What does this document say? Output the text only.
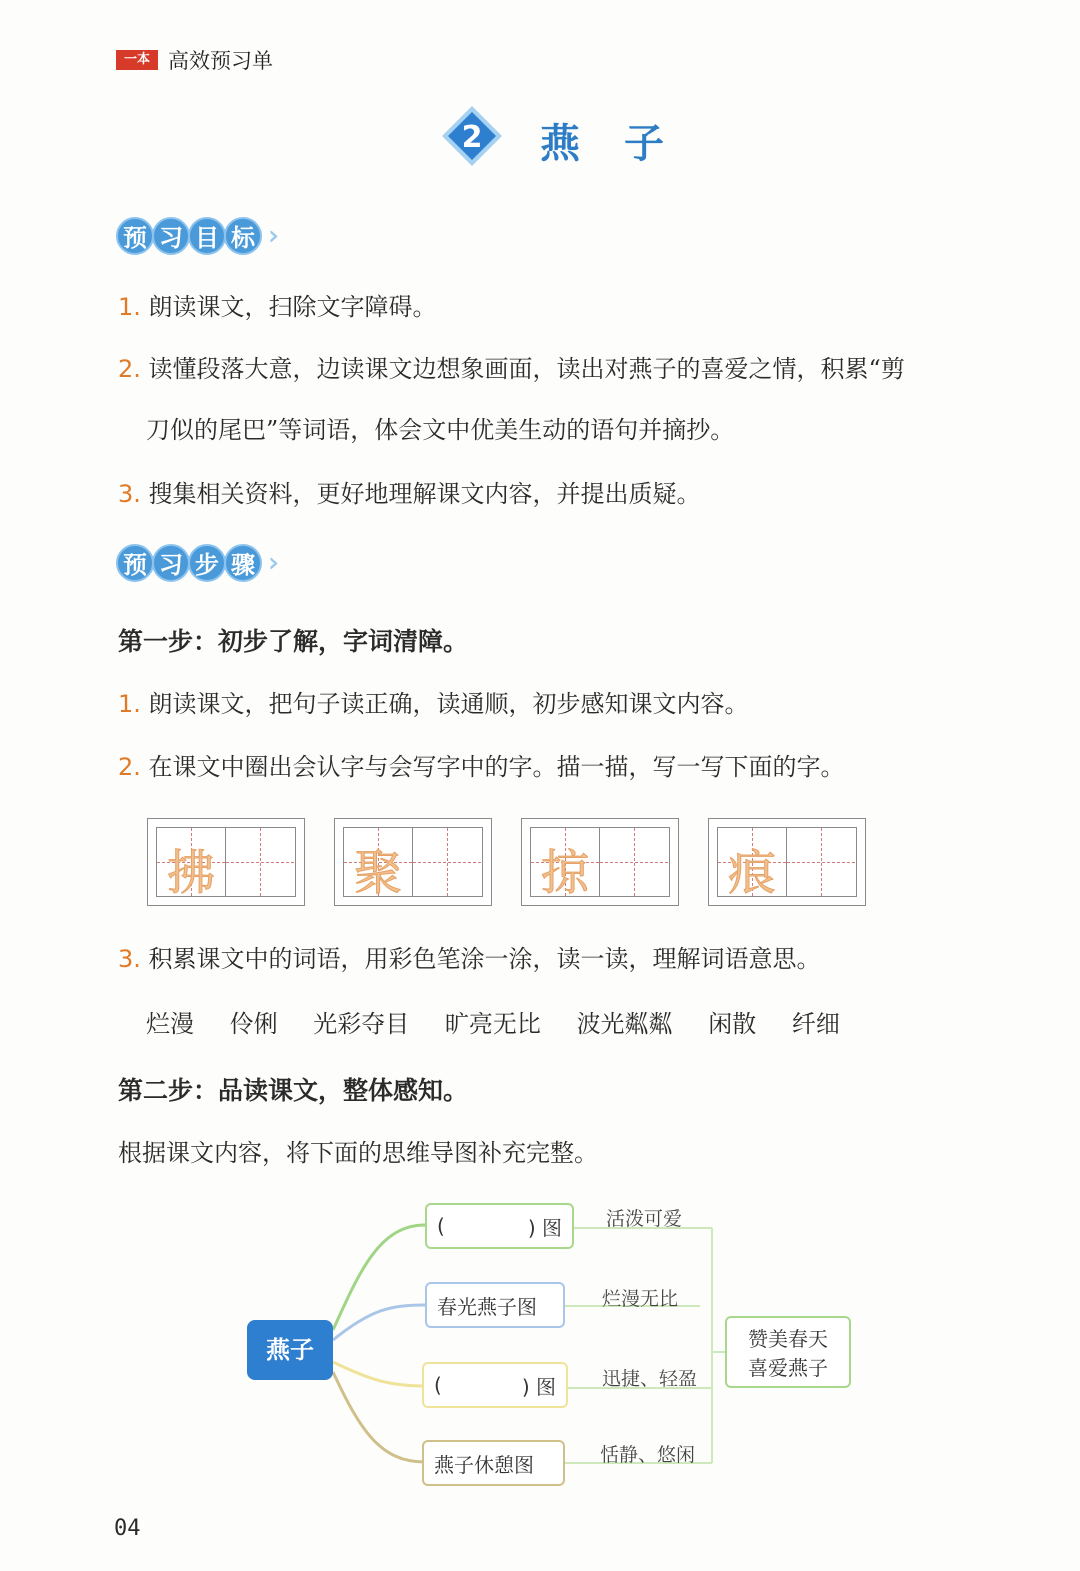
一本 高效预习单
2 燕子
预 习 目 标 ›››
1. 朗读课文，扫除文字障碍。
2. 读懂段落大意，边读课文边想象画面，读出对燕子的喜爱之情，积累“剪
刀似的尾巴”等词语，体会文中优美生动的语句并摘抄。
3. 搜集相关资料，更好地理解课文内容，并提出质疑。
预 习 步 骤 ›››
第一步：初步了解，字词清障。
1. 朗读课文，把句子读正确，读通顺，初步感知课文内容。
2. 在课文中圈出会认字与会写字中的字。描一描，写一写下面的字。
拂	聚	掠	痕
3. 积累课文中的词语，用彩色笔涂一涂，读一读，理解词语意思。
烂漫 伶俐 光彩夺目 旷亮无比 波光粼粼 闲散 纤细
第二步：品读课文，整体感知。
根据课文内容，将下面的思维导图补充完整。
燕子
(	) 图 活泼可爱
春光燕子图	烂漫无比
(	) 图 迅捷、轻盈
燕子休憩图	恬静、悠闲
赞美春天
喜爱燕子
04
